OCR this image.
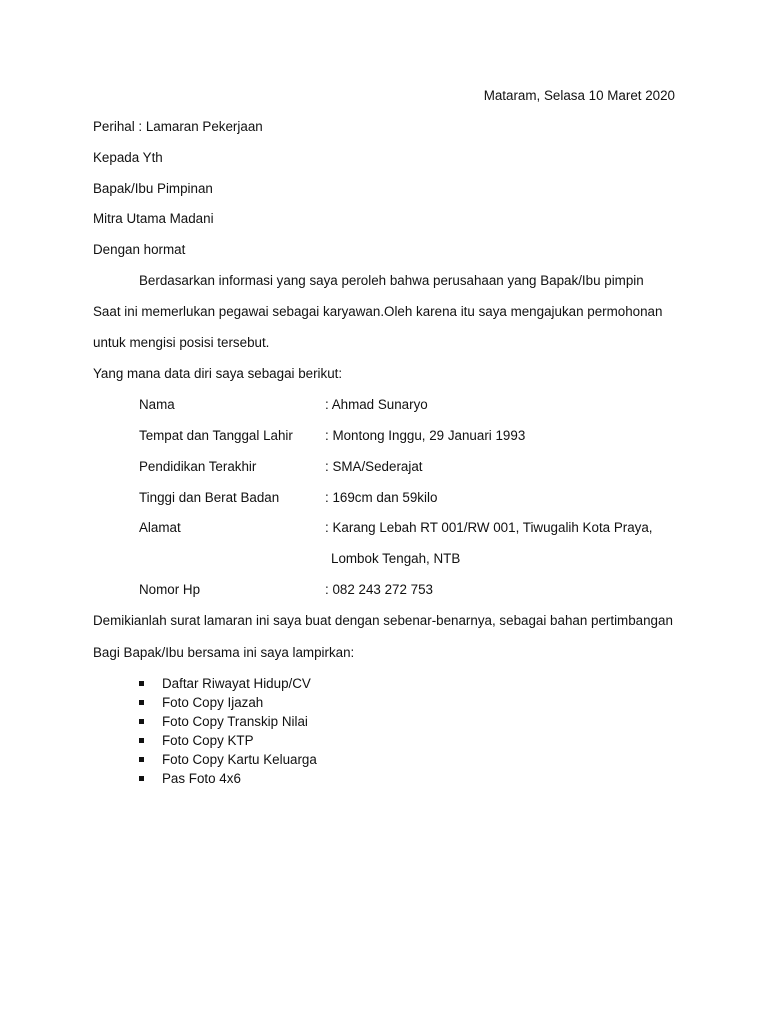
Mataram, Selasa 10 Maret 2020
Perihal : Lamaran Pekerjaan
Kepada Yth
Bapak/Ibu Pimpinan
Mitra Utama Madani
Dengan hormat
Berdasarkan informasi yang saya peroleh bahwa perusahaan yang Bapak/Ibu pimpin
Saat ini memerlukan pegawai sebagai karyawan.Oleh karena itu saya mengajukan permohonan
untuk mengisi posisi tersebut.
Yang mana data diri saya sebagai berikut:
Nama	: Ahmad Sunaryo
Tempat dan Tanggal Lahir : Montong Inggu, 29 Januari 1993
Pendidikan Terakhir	: SMA/Sederajat
Tinggi dan Berat Badan	: 169cm dan 59kilo
Alamat	: Karang Lebah RT 001/RW 001, Tiwugalih Kota Praya,
Lombok Tengah, NTB
Nomor Hp	: 082 243 272 753
Demikianlah surat lamaran ini saya buat dengan sebenar-benarnya, sebagai bahan pertimbangan
Bagi Bapak/Ibu bersama ini saya lampirkan:
Daftar Riwayat Hidup/CV
Foto Copy Ijazah
Foto Copy Transkip Nilai
Foto Copy KTP
Foto Copy Kartu Keluarga
Pas Foto 4x6
